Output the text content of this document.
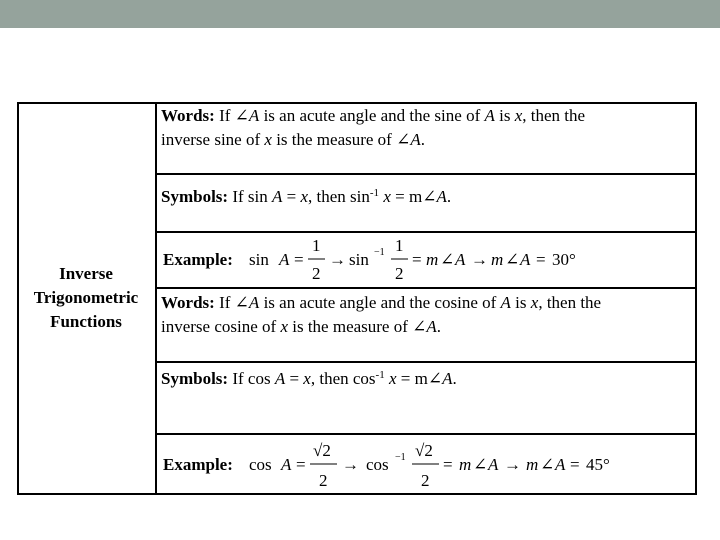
Inverse
Trigonometric
Functions
Words: If ∠A is an acute angle and the sine of A is x, then the
inverse sine of x is the measure of ∠A.
Symbols: If sin A = x, then $\sin^{-1} x$ = m∠A.
Example: sin A =
1
2
→ sin −1 1
2
= m ∠ A → m ∠ A = 30°
Words: If ∠A is an acute angle and the cosine of A is x, then the
inverse cosine of x is the measure of ∠A.
Symbols: If cos A = x, then $\cos^{-1} x$ = m∠A.
Example: cos A =
√2
2
→ cos −1 √2
2
= m ∠ A → m ∠ A = 45°
